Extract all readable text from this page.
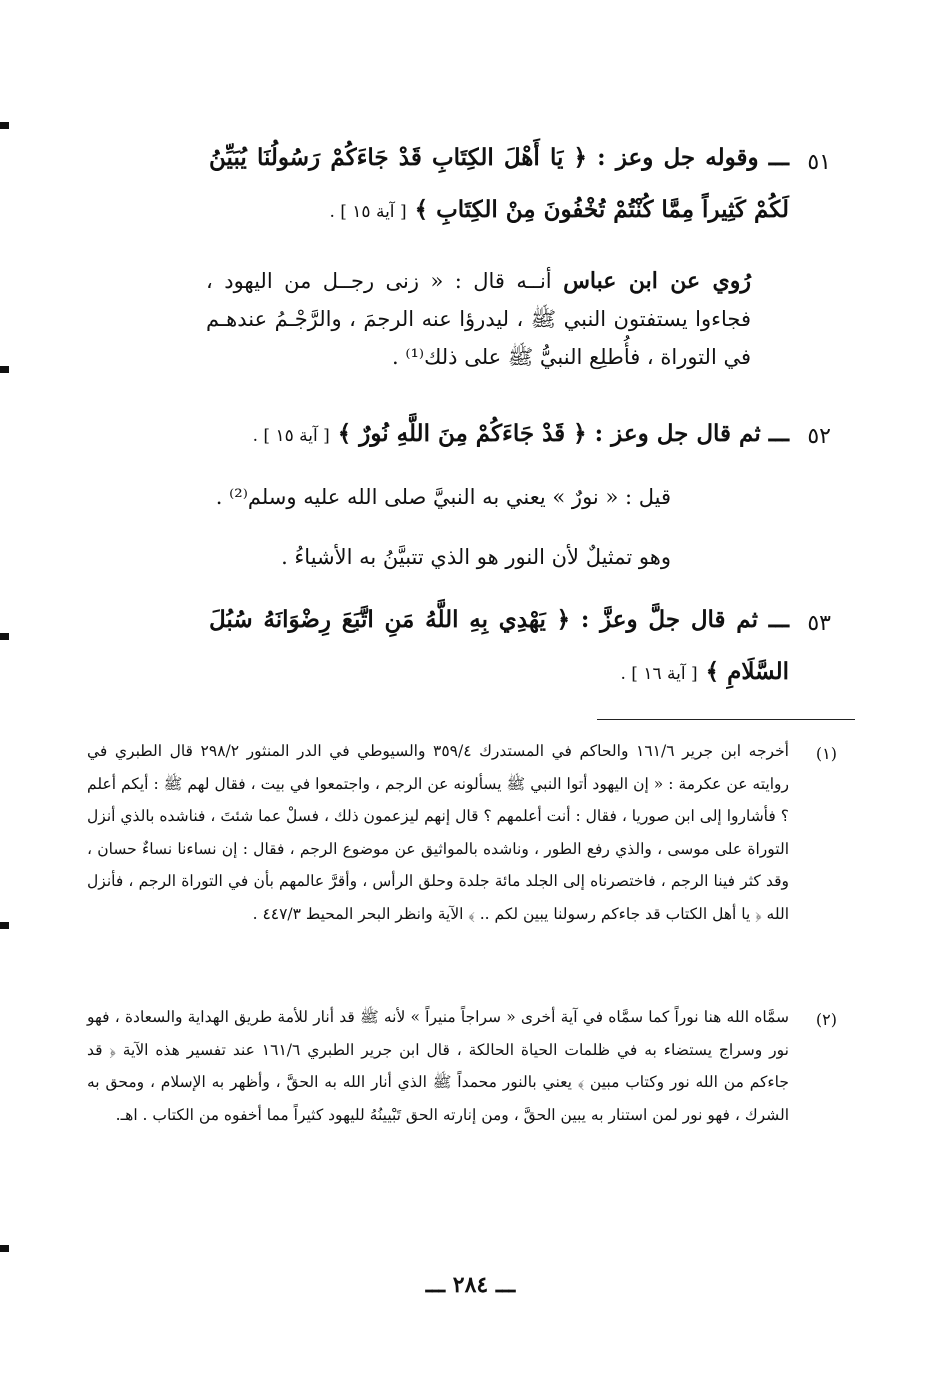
٥١
ـــ وقوله جل وعز : ﴿ يَا أَهْلَ الكِتَابِ قَدْ جَاءَكُمْ رَسُولُنَا يُبَيِّنُ لَكُمْ كَثِيراً مِمَّا كُنْتُمْ تُخْفُونَ مِنْ الكِتَابِ ﴾ [ آية ١٥ ] .
رُوي عن ابن عباس أنــه قال : « زنى رجــل من اليهود ، فجاءوا يستفتون النبي ﷺ ، ليدرؤا عنه الرجمَ ، والرَّجْـمُ عندهـم في التوراة ، فأُطلِع النبيُّ ﷺ على ذلك⁽¹⁾ .
٥٢
ـــ ثم قال جل وعز : ﴿ قَدْ جَاءَكُمْ مِنَ اللَّهِ نُورٌ ﴾ [ آية ١٥ ] .
قيل : « نورٌ » يعني به النبيَّ صلى الله عليه وسلم⁽²⁾ .
وهو تمثيلٌ لأن النور هو الذي تتبيَّنُ به الأشياءُ .
٥٣
ـــ ثم قال جلَّ وعزَّ : ﴿ يَهْدِي بِهِ اللَّهُ مَنِ اتَّبَعَ رِضْوَانَهُ سُبُلَ السَّلَامِ ﴾ [ آية ١٦ ] .
(١)
أخرجه ابن جرير ١٦١/٦ والحاكم في المستدرك ٣٥٩/٤ والسيوطي في الدر المنثور ٢٩٨/٢ قال الطبري في روايته عن عكرمة : « إن اليهود أتوا النبي ﷺ يسألونه عن الرجم ، واجتمعوا في بيت ، فقال لهم ﷺ : أيكم أعلم ؟ فأشاروا إلى ابن صوريا ، فقال : أنت أعلمهم ؟ قال إنهم ليزعمون ذلك ، فسلْ عما شئتَ ، فناشده بالذي أنزل التوراة على موسى ، والذي رفع الطور ، وناشده بالمواثيق عن موضوع الرجم ، فقال : إن نساءنا نساءٌ حسان ، وقد كثر فينا الرجم ، فاختصرناه إلى الجلد مائة جلدة وحلق الرأس ، وأقرَّ عالمهم بأن في التوراة الرجم ، فأنزل الله ﴿ يا أهل الكتاب قد جاءكم رسولنا يبين لكم .. ﴾ الآية وانظر البحر المحيط ٤٤٧/٣ .
(٢)
سمَّاه الله هنا نوراً كما سمَّاه في آية أخرى « سراجاً منيراً » لأنه ﷺ قد أنار للأمة طريق الهداية والسعادة ، فهو نور وسراج يستضاء به في ظلمات الحياة الحالكة ، قال ابن جرير الطبري ١٦١/٦ عند تفسير هذه الآية ﴿ قد جاءكم من الله نور وكتاب مبين ﴾ يعني بالنور محمداً ﷺ الذي أنار الله به الحقَّ ، وأظهر به الإسلام ، ومحق به الشرك ، فهو نور لمن استنار به يبين الحقَّ ، ومن إنارته الحق تَبْيينُهُ لليهود كثيراً مما أخفوه من الكتاب . اهـ.
ـــ ٢٨٤ ـــ
